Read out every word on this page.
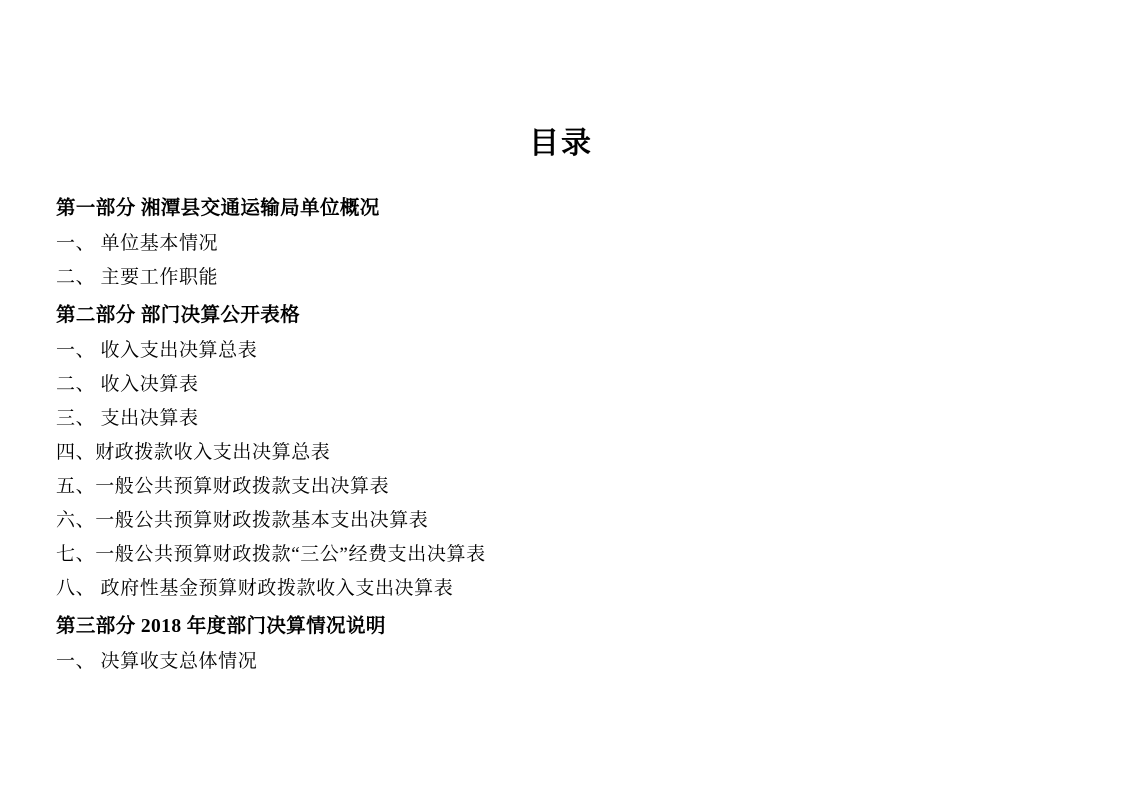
目录
第一部分 湘潭县交通运输局单位概况
一、 单位基本情况
二、 主要工作职能
第二部分 部门决算公开表格
一、 收入支出决算总表
二、 收入决算表
三、 支出决算表
四、财政拨款收入支出决算总表
五、一般公共预算财政拨款支出决算表
六、一般公共预算财政拨款基本支出决算表
七、一般公共预算财政拨款“三公”经费支出决算表
八、 政府性基金预算财政拨款收入支出决算表
第三部分 2018 年度部门决算情况说明
一、 决算收支总体情况
